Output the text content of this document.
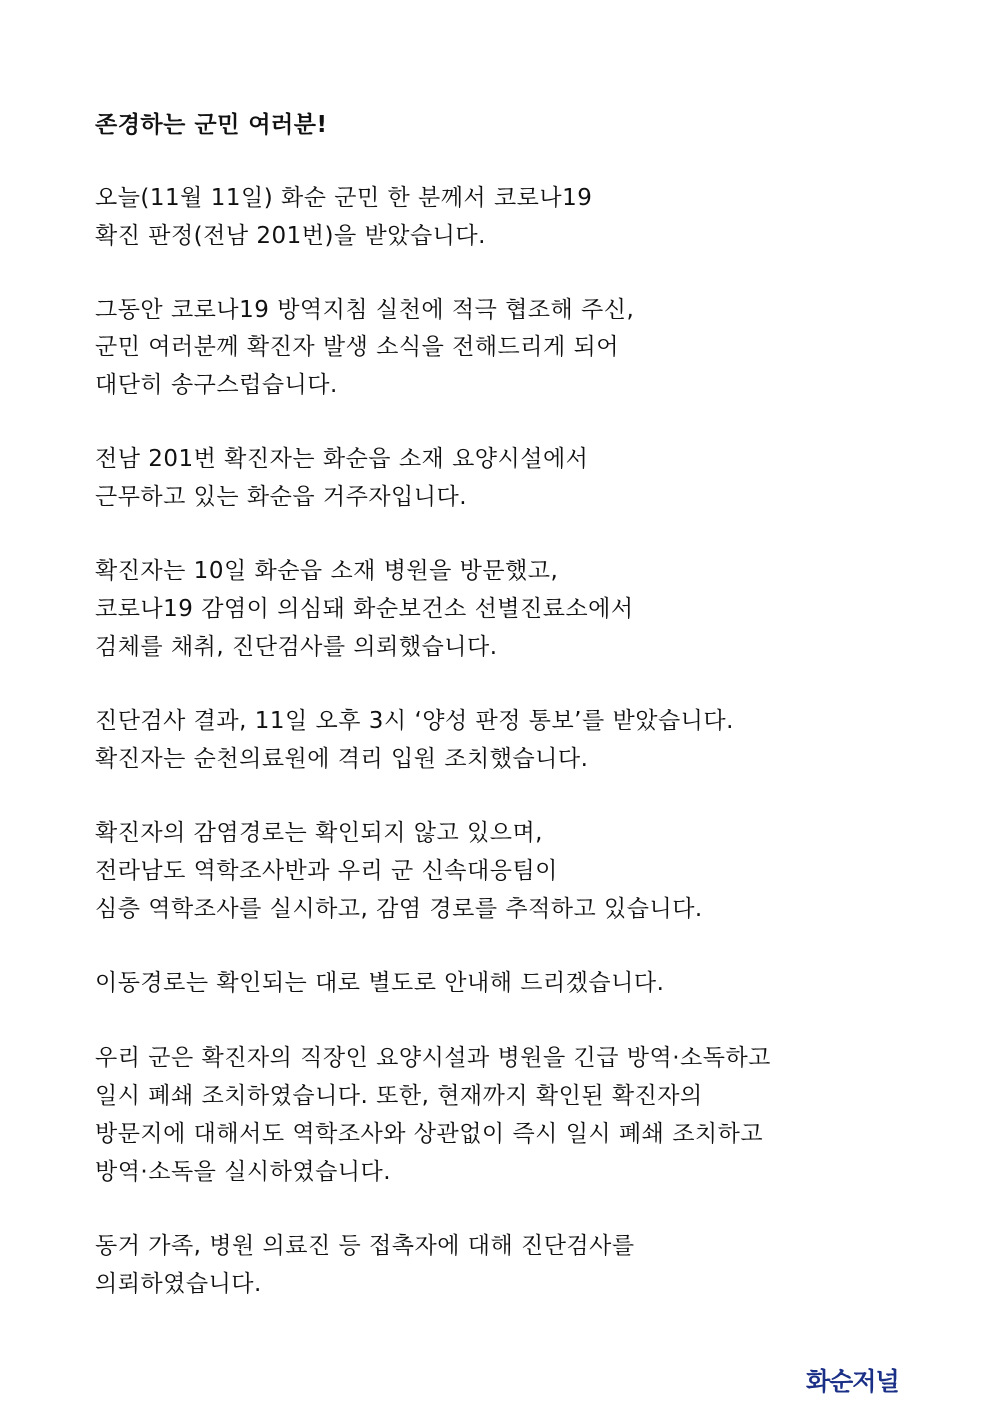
존경하는 군민 여러분!
오늘(11월 11일) 화순 군민 한 분께서 코로나19
확진 판정(전남 201번)을 받았습니다.
그동안 코로나19 방역지침 실천에 적극 협조해 주신,
군민 여러분께 확진자 발생 소식을 전해드리게 되어
대단히 송구스럽습니다.
전남 201번 확진자는 화순읍 소재 요양시설에서
근무하고 있는 화순읍 거주자입니다.
확진자는 10일 화순읍 소재 병원을 방문했고,
코로나19 감염이 의심돼 화순보건소 선별진료소에서
검체를 채취, 진단검사를 의뢰했습니다.
진단검사 결과, 11일 오후 3시 ‘양성 판정 통보’를 받았습니다.
확진자는 순천의료원에 격리 입원 조치했습니다.
확진자의 감염경로는 확인되지 않고 있으며,
전라남도 역학조사반과 우리 군 신속대응팀이
심층 역학조사를 실시하고, 감염 경로를 추적하고 있습니다.
이동경로는 확인되는 대로 별도로 안내해 드리겠습니다.
우리 군은 확진자의 직장인 요양시설과 병원을 긴급 방역·소독하고
일시 폐쇄 조치하였습니다. 또한, 현재까지 확인된 확진자의
방문지에 대해서도 역학조사와 상관없이 즉시 일시 폐쇄 조치하고
방역·소독을 실시하였습니다.
동거 가족, 병원 의료진 등 접촉자에 대해 진단검사를
의뢰하였습니다.
화순저널
